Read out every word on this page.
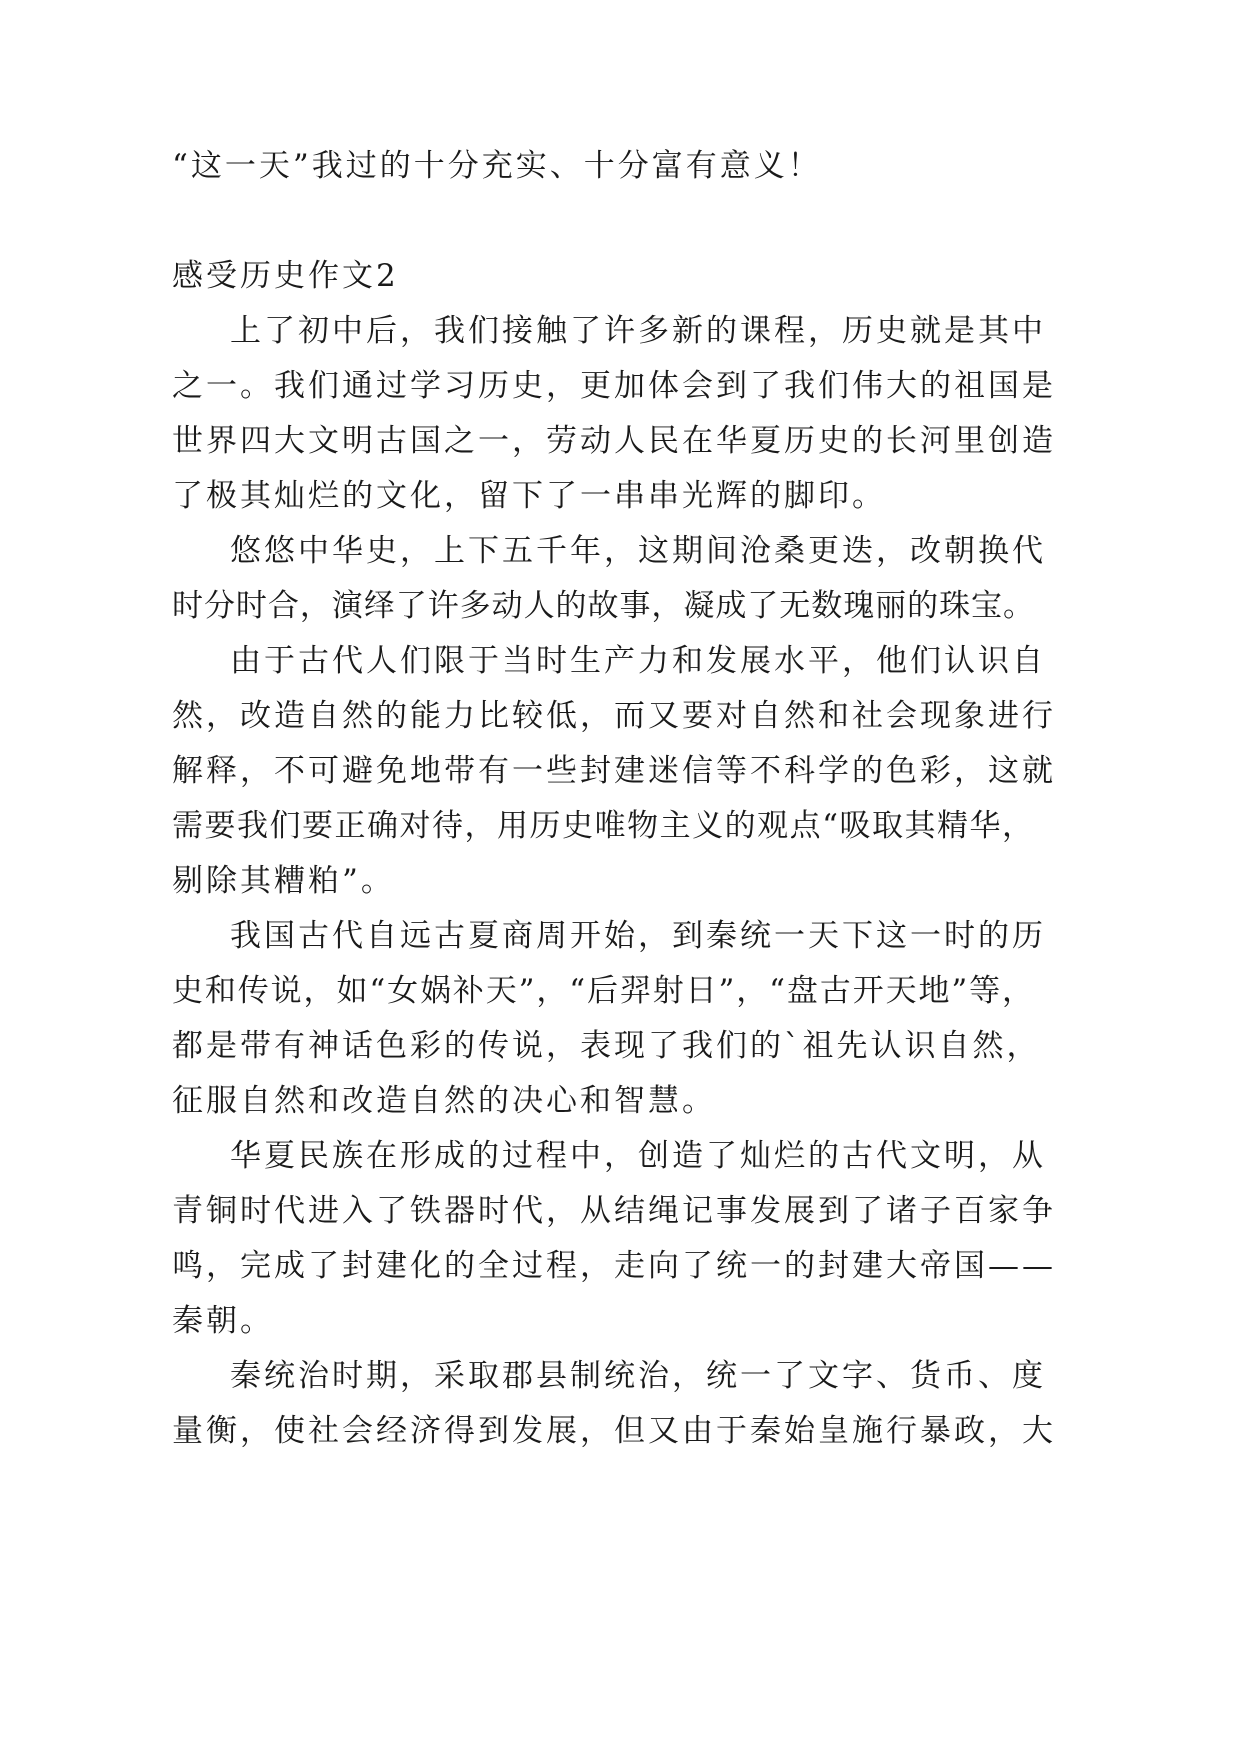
“这一天”我过的十分充实、十分富有意义！
感受历史作文2
上了初中后，我们接触了许多新的课程，历史就是其中
之一。我们通过学习历史，更加体会到了我们伟大的祖国是
世界四大文明古国之一，劳动人民在华夏历史的长河里创造
了极其灿烂的文化，留下了一串串光辉的脚印。
悠悠中华史，上下五千年，这期间沧桑更迭，改朝换代
时分时合，演绎了许多动人的故事，凝成了无数瑰丽的珠宝。
由于古代人们限于当时生产力和发展水平，他们认识自
然，改造自然的能力比较低，而又要对自然和社会现象进行
解释，不可避免地带有一些封建迷信等不科学的色彩，这就
需要我们要正确对待，用历史唯物主义的观点“吸取其精华，
剔除其糟粕”。
我国古代自远古夏商周开始，到秦统一天下这一时的历
史和传说，如“女娲补天”，“后羿射日”，“盘古开天地”等，
都是带有神话色彩的传说，表现了我们的`祖先认识自然，
征服自然和改造自然的决心和智慧。
华夏民族在形成的过程中，创造了灿烂的古代文明，从
青铜时代进入了铁器时代，从结绳记事发展到了诸子百家争
鸣，完成了封建化的全过程，走向了统一的封建大帝国——
秦朝。
秦统治时期，采取郡县制统治，统一了文字、货币、度
量衡，使社会经济得到发展，但又由于秦始皇施行暴政，大
